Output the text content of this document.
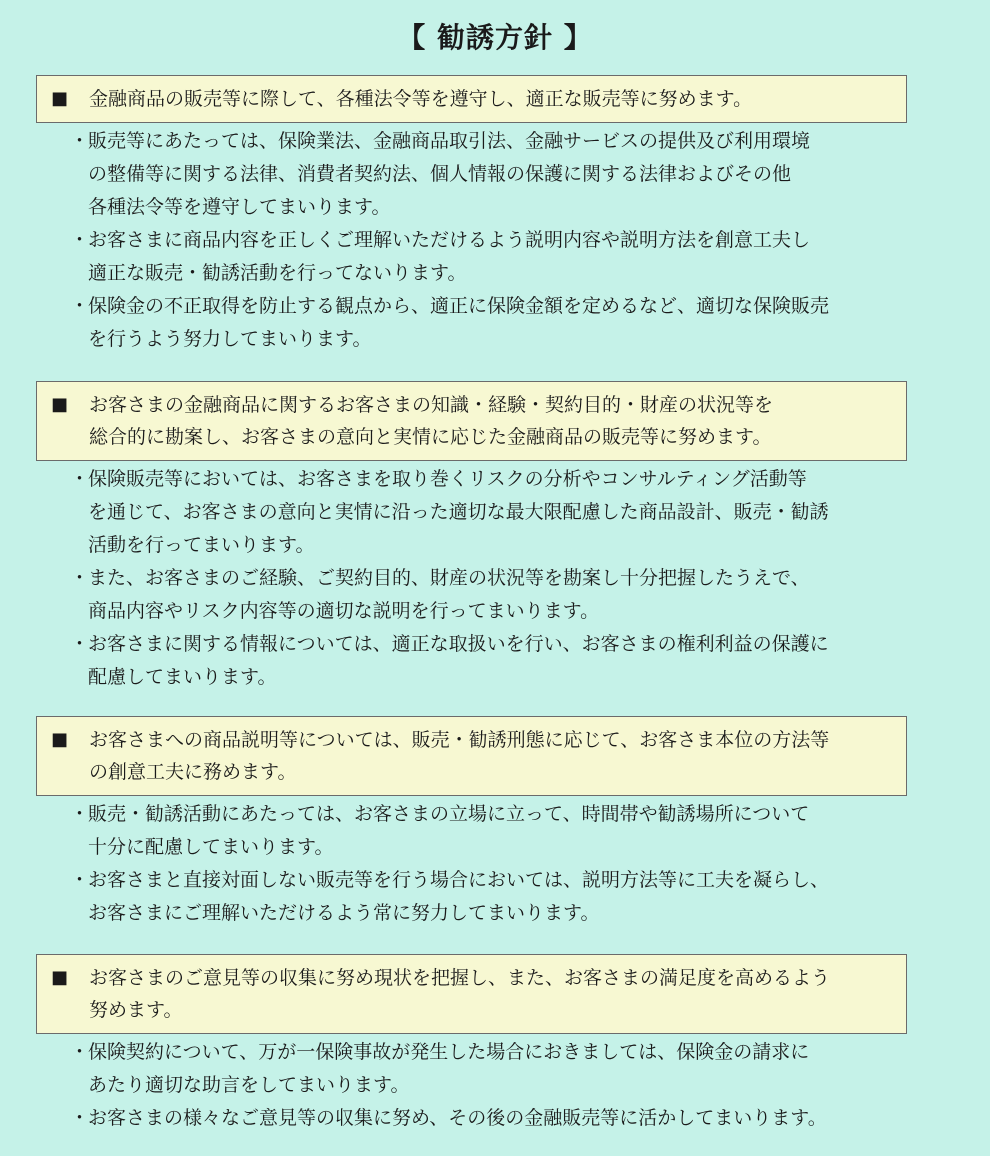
【 勧誘方針 】
■	金融商品の販売等に際して、各種法令等を遵守し、適正な販売等に努めます。
・
販売等にあたっては、保険業法、金融商品取引法、金融サービスの提供及び利用環境
の整備等に関する法律、消費者契約法、個人情報の保護に関する法律およびその他
各種法令等を遵守してまいります。
・
お客さまに商品内容を正しくご理解いただけるよう説明内容や説明方法を創意工夫し
適正な販売・勧誘活動を行ってないります。
・
保険金の不正取得を防止する観点から、適正に保険金額を定めるなど、適切な保険販売
を行うよう努力してまいります。
■	お客さまの金融商品に関するお客さまの知識・経験・契約目的・財産の状況等を
総合的に勘案し、お客さまの意向と実情に応じた金融商品の販売等に努めます。
・
保険販売等においては、お客さまを取り巻くリスクの分析やコンサルティング活動等
を通じて、お客さまの意向と実情に沿った適切な最大限配慮した商品設計、販売・勧誘
活動を行ってまいります。
・
また、お客さまのご経験、ご契約目的、財産の状況等を勘案し十分把握したうえで、
商品内容やリスク内容等の適切な説明を行ってまいります。
・
お客さまに関する情報については、適正な取扱いを行い、お客さまの権利利益の保護に
配慮してまいります。
■	お客さまへの商品説明等については、販売・勧誘刑態に応じて、お客さま本位の方法等
の創意工夫に務めます。
・
販売・勧誘活動にあたっては、お客さまの立場に立って、時間帯や勧誘場所について
十分に配慮してまいります。
・
お客さまと直接対面しない販売等を行う場合においては、説明方法等に工夫を凝らし、
お客さまにご理解いただけるよう常に努力してまいります。
■	お客さまのご意見等の収集に努め現状を把握し、また、お客さまの満足度を高めるよう
努めます。
・
保険契約について、万が一保険事故が発生した場合におきましては、保険金の請求に
あたり適切な助言をしてまいります。
・
お客さまの様々なご意見等の収集に努め、その後の金融販売等に活かしてまいります。
